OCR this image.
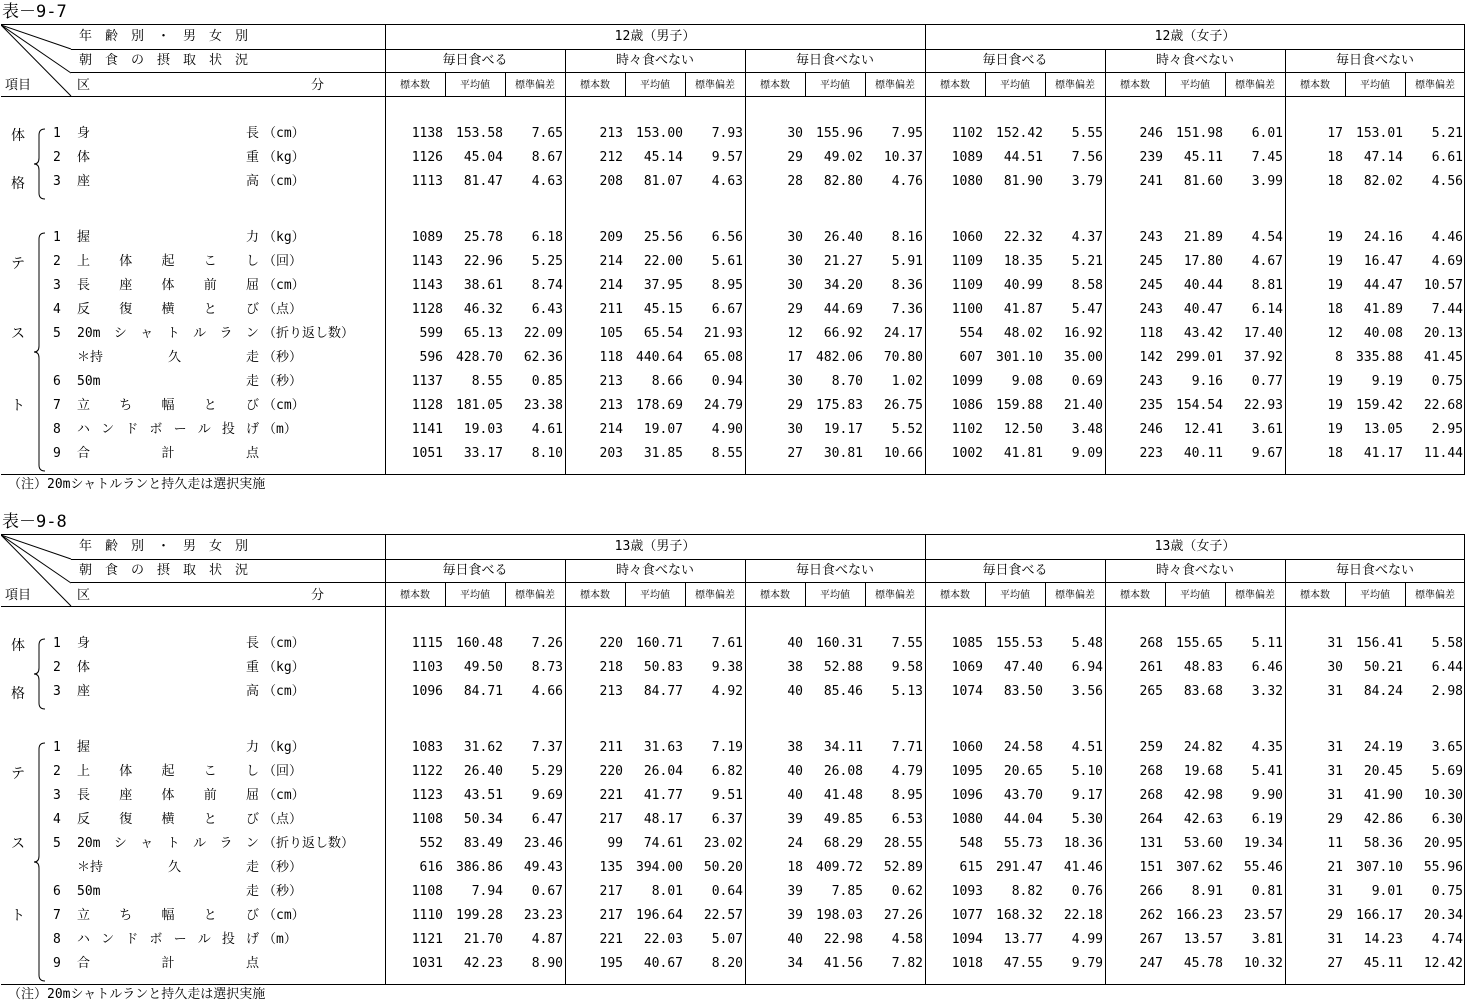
表－9-7
年　齢　別　・　男　女　別
朝　食　の　摂　取　状　況
項目	区	分
12歳（男子）	12歳（女子）
毎日食べる
標本数	平均値	標準偏差
時々食べない
標本数	平均値	標準偏差
毎日食べない
標本数	平均値	標準偏差
毎日食べる
標本数	平均値	標準偏差
時々食べない
標本数	平均値	標準偏差
毎日食べない
標本数	平均値	標準偏差
体
格
1 身	長 （cm）	1138	153.58	7.65	213	153.00	7.93	30	155.96	7.95	1102	152.42	5.55	246	151.98	6.01	17	153.01	5.21
2 体	重 （kg）	1126	45.04	8.67	212	45.14	9.57	29	49.02	10.37	1089	44.51	7.56	239	45.11	7.45	18	47.14	6.61
3 座	高 （cm）	1113	81.47	4.63	208	81.07	4.63	28	82.80	4.76	1080	81.90	3.79	241	81.60	3.99	18	82.02	4.56
テ
ス
ト
1 握	力 （kg）	1089	25.78	6.18	209	25.56	6.56	30	26.40	8.16	1060	22.32	4.37	243	21.89	4.54	19	24.16	4.46
2 上 体 起 こ し （回）	1143	22.96	5.25	214	22.00	5.61	30	21.27	5.91	1109	18.35	5.21	245	17.80	4.67	19	16.47	4.69
3 長 座 体 前 屈 （cm）	1143	38.61	8.74	214	37.95	8.95	30	34.20	8.36	1109	40.99	8.58	245	40.44	8.81	19	44.47	10.57
4 反 復 横 と び （点）	1128	46.32	6.43	211	45.15	6.67	29	44.69	7.36	1100	41.87	5.47	243	40.47	6.14	18	41.89	7.44
5 20m シ ャ ト ル ラ ン （折り返し数）	599	65.13	22.09	105	65.54	21.93	12	66.92	24.17	554	48.02	16.92	118	43.42	17.40	12	40.08	20.13
＊持	久	走 （秒）	596	428.70	62.36	118	440.64	65.08	17	482.06	70.80	607	301.10	35.00	142	299.01	37.92	8	335.88	41.45
6 50m	走 （秒）	1137	8.55	0.85	213	8.66	0.94	30	8.70	1.02	1099	9.08	0.69	243	9.16	0.77	19	9.19	0.75
7 立 ち 幅 と び （cm）	1128	181.05	23.38	213	178.69	24.79	29	175.83	26.75	1086	159.88	21.40	235	154.54	22.93	19	159.42	22.68
8 ハ ン ド ボ ー ル 投 げ （m）	1141	19.03	4.61	214	19.07	4.90	30	19.17	5.52	1102	12.50	3.48	246	12.41	3.61	19	13.05	2.95
9 合	計	点	1051	33.17	8.10	203	31.85	8.55	27	30.81	10.66	1002	41.81	9.09	223	40.11	9.67	18	41.17	11.44
（注）20mシャトルランと持久走は選択実施
表－9-8
年　齢　別　・　男　女　別
朝　食　の　摂　取　状　況
項目	区	分
13歳（男子）	13歳（女子）
毎日食べる
標本数	平均値	標準偏差
時々食べない
標本数	平均値	標準偏差
毎日食べない
標本数	平均値	標準偏差
毎日食べる
標本数	平均値	標準偏差
時々食べない
標本数	平均値	標準偏差
毎日食べない
標本数	平均値	標準偏差
体
格
1 身	長 （cm）	1115	160.48	7.26	220	160.71	7.61	40	160.31	7.55	1085	155.53	5.48	268	155.65	5.11	31	156.41	5.58
2 体	重 （kg）	1103	49.50	8.73	218	50.83	9.38	38	52.88	9.58	1069	47.40	6.94	261	48.83	6.46	30	50.21	6.44
3 座	高 （cm）	1096	84.71	4.66	213	84.77	4.92	40	85.46	5.13	1074	83.50	3.56	265	83.68	3.32	31	84.24	2.98
テ
ス
ト
1 握	力 （kg）	1083	31.62	7.37	211	31.63	7.19	38	34.11	7.71	1060	24.58	4.51	259	24.82	4.35	31	24.19	3.65
2 上 体 起 こ し （回）	1122	26.40	5.29	220	26.04	6.82	40	26.08	4.79	1095	20.65	5.10	268	19.68	5.41	31	20.45	5.69
3 長 座 体 前 屈 （cm）	1123	43.51	9.69	221	41.77	9.51	40	41.48	8.95	1096	43.70	9.17	268	42.98	9.90	31	41.90	10.30
4 反 復 横 と び （点）	1108	50.34	6.47	217	48.17	6.37	39	49.85	6.53	1080	44.04	5.30	264	42.63	6.19	29	42.86	6.30
5 20m シ ャ ト ル ラ ン （折り返し数）	552	83.49	23.46	99	74.61	23.02	24	68.29	28.55	548	55.73	18.36	131	53.60	19.34	11	58.36	20.95
＊持	久	走 （秒）	616	386.86	49.43	135	394.00	50.20	18	409.72	52.89	615	291.47	41.46	151	307.62	55.46	21	307.10	55.96
6 50m	走 （秒）	1108	7.94	0.67	217	8.01	0.64	39	7.85	0.62	1093	8.82	0.76	266	8.91	0.81	31	9.01	0.75
7 立 ち 幅 と び （cm）	1110	199.28	23.23	217	196.64	22.57	39	198.03	27.26	1077	168.32	22.18	262	166.23	23.57	29	166.17	20.34
8 ハ ン ド ボ ー ル 投 げ （m）	1121	21.70	4.87	221	22.03	5.07	40	22.98	4.58	1094	13.77	4.99	267	13.57	3.81	31	14.23	4.74
9 合	計	点	1031	42.23	8.90	195	40.67	8.20	34	41.56	7.82	1018	47.55	9.79	247	45.78	10.32	27	45.11	12.42
（注）20mシャトルランと持久走は選択実施
